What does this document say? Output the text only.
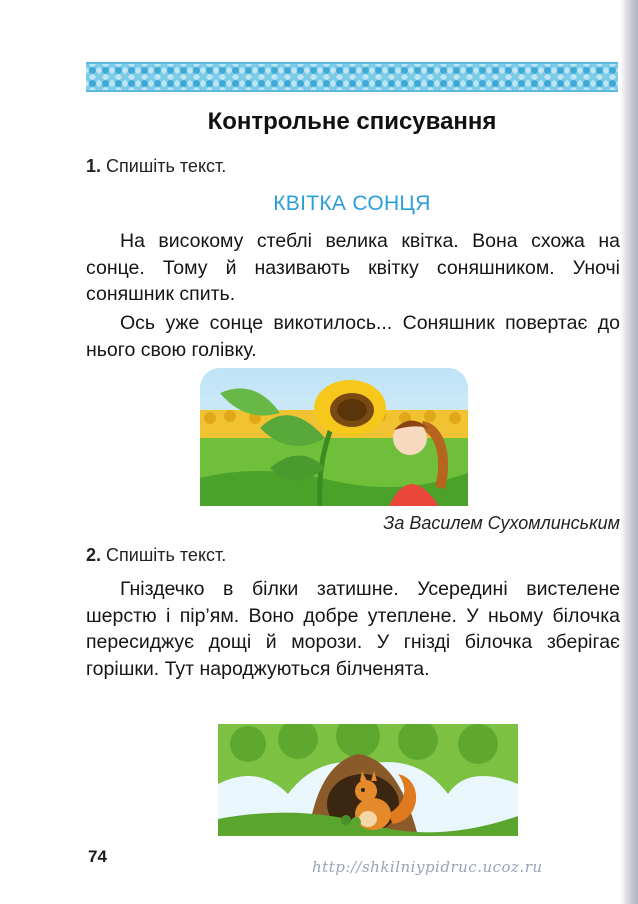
Контрольне списування
1. Спишіть текст.
КВІТКА СОНЦЯ

На високому стеблі велика квітка. Вона схожа на сонце. Тому й називають квітку соняшником. Уночі соняшник спить.

Ось уже сонце викотилось... Соняшник повертає до нього свою голівку.

За Василем Сухомлинським
2. Спишіть текст.

Гніздечко в білки затишне. Усередині вистелене шерстю і пір’ям. Воно добре утеплене. У ньому білочка пересиджує дощі й морози. У гнізді білочка зберігає горішки. Тут народжуються білченята.

74
http://shkilniypidruc.ucoz.ru
